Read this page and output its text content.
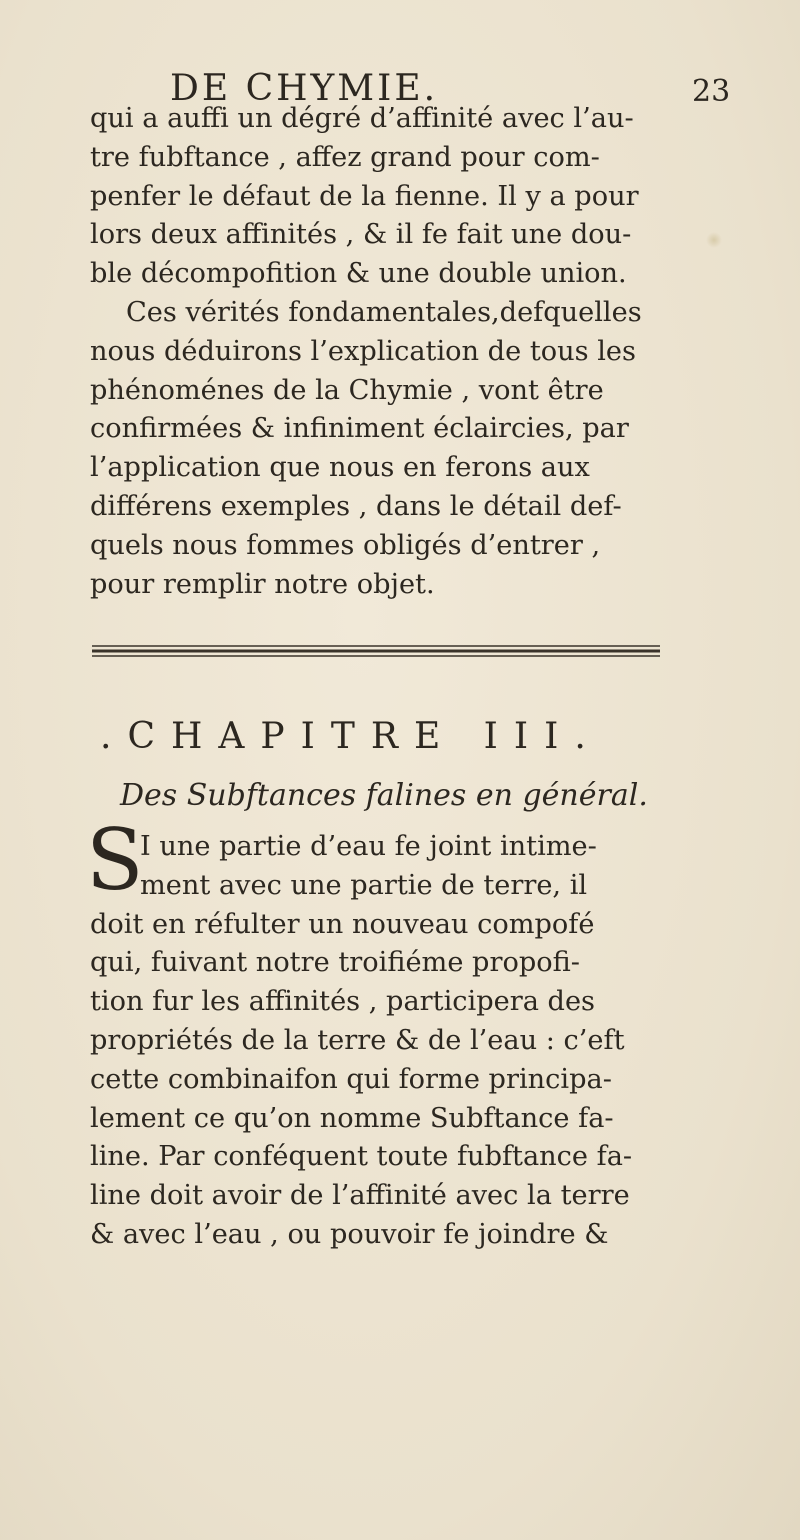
DE CHYMIE.	23

qui a auffi un dégré d’affinité avec l’au-
tre fubftance , affez grand pour com-
penfer le défaut de la fienne. Il y a pour
lors deux affinités , & il fe fait une dou-
ble décompofition & une double union.

Ces vérités fondamentales,defquelles
nous déduirons l’explication de tous les
phénoménes de la Chymie , vont être
confirmées & infiniment éclaircies, par
l’application que nous en ferons aux
différens exemples , dans le détail def-
quels nous fommes obligés d’entrer ,
pour remplir notre objet.

.CHAPITRE III.
Des Subftances falines en général.
S

I une partie d’eau fe joint intime-
ment avec une partie de terre, il
doit en réfulter un nouveau compofé
qui, fuivant notre troifiéme propofi-
tion fur les affinités , participera des
propriétés de la terre & de l’eau : c’eft
cette combinaifon qui forme principa-
lement ce qu’on nomme Subftance fa-
line. Par conféquent toute fubftance fa-
line doit avoir de l’affinité avec la terre
& avec l’eau , ou pouvoir fe joindre &
